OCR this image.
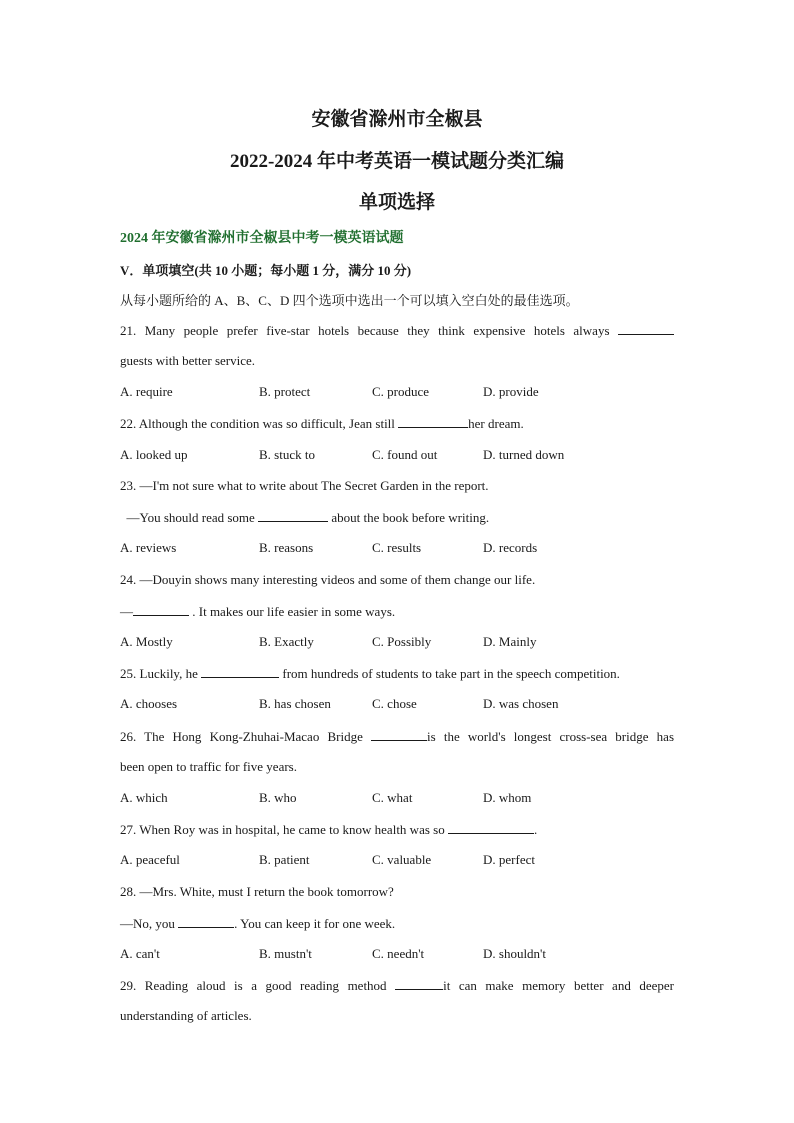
安徽省滁州市全椒县
2022-2024 年中考英语一模试题分类汇编
单项选择
2024 年安徽省滁州市全椒县中考一模英语试题
V．单项填空(共 10 小题；每小题 1 分，满分 10 分)
从每小题所给的 A、B、C、D 四个选项中选出一个可以填入空白处的最佳选项。
21. Many people prefer five-star hotels because they think expensive hotels always
guests with better service.
A. require	B. protect	C. produce	D. provide
22. Although the condition was so difficult, Jean still	her dream.
A. looked up	B. stuck to	C. found out	D. turned down
23. —I'm not sure what to write about The Secret Garden in the report.
—You should read some	about the book before writing.
A. reviews	B. reasons	C. results	D. records
24. —Douyin shows many interesting videos and some of them change our life.
—	. It makes our life easier in some ways.
A. Mostly	B. Exactly	C. Possibly	D. Mainly
25. Luckily, he	from hundreds of students to take part in the speech competition.
A. chooses	B. has chosen	C. chose	D. was chosen
26. The Hong Kong-Zhuhai-Macao Bridge	is the world's longest cross-sea bridge has
been open to traffic for five years.
A. which	B. who	C. what	D. whom
27. When Roy was in hospital, he came to know health was so	.
A. peaceful	B. patient	C. valuable	D. perfect
28. —Mrs. White, must I return the book tomorrow?
—No, you	. You can keep it for one week.
A. can't	B. mustn't	C. needn't	D. shouldn't
29. Reading aloud is a good reading method	it can make memory better and deeper
understanding of articles.
